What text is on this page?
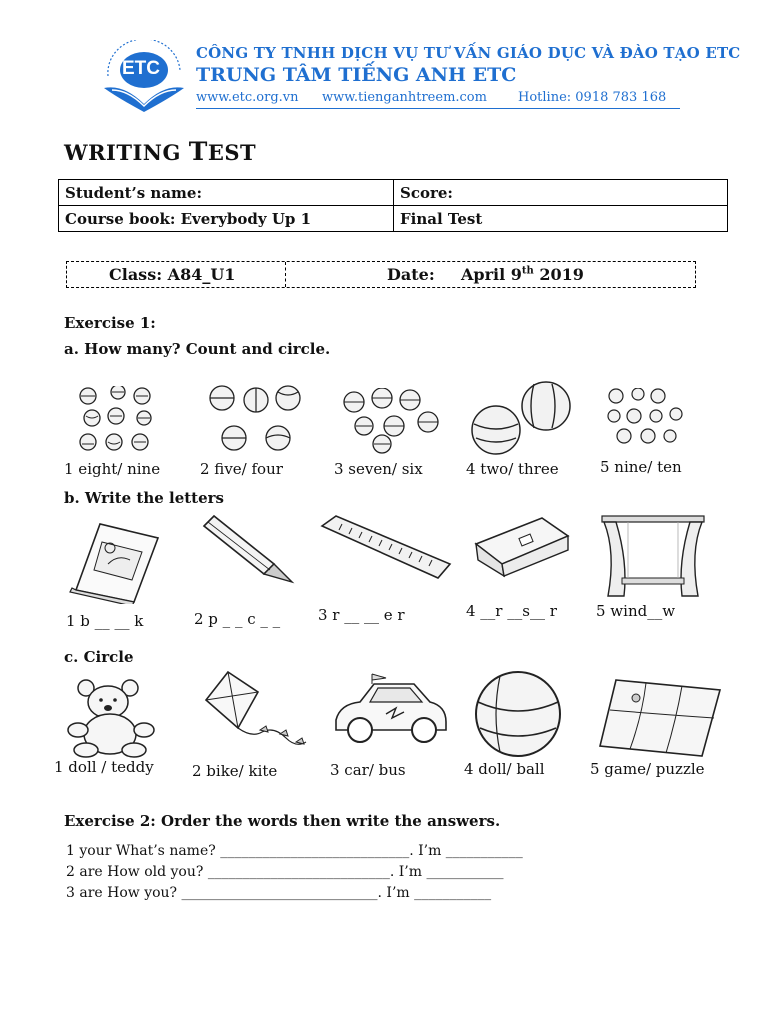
ETC
CÔNG TY TNHH DỊCH VỤ TƯ VẤN GIÁO DỤC VÀ ĐÀO TẠO ETC
TRUNG TÂM TIẾNG ANH ETC
www.etc.org.vn www.tienganhtreem.com Hotline: 0918 783 168
WRITING TEST
Student’s name:	Score:
Course book: Everybody Up 1	Final Test
Class: A84_U1	Date: April 9th 2019
Exercise 1:
a. How many? Count and circle.
1 eight/ nine	2 five/ four	3 seven/ six	4 two/ three	5 nine/ ten
b. Write the letters
1 b __ __ k	2 p _ _ c _ _	3 r __ __ e r	4 __r __s__ r	5 wind__w
c. Circle
1 doll / teddy	2 bike/ kite	3 car/ bus	4 doll/ ball	5 game/ puzzle
Exercise 2: Order the words then write the answers.
1 your What’s name? ___________________________. I’m ___________
2 are How old you? __________________________. I’m ___________
3 are How you? ____________________________. I’m ___________
